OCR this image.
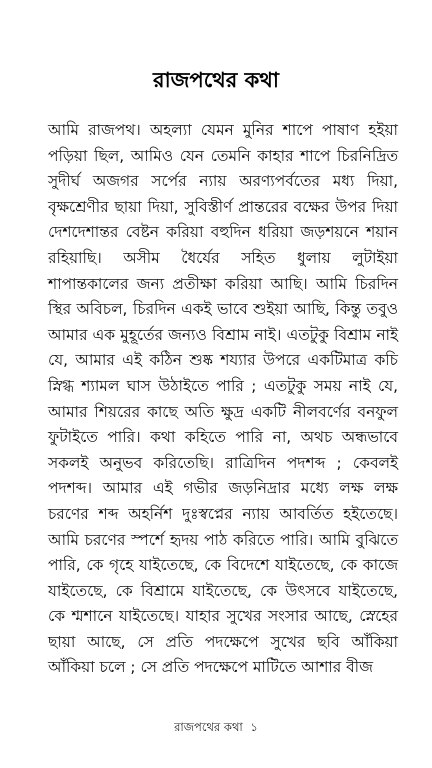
রাজপথের কথা

আমি রাজপথ। অহল্যা যেমন মুনির শাপে পাষাণ হইয়া পড়িয়া ছিল, আমিও যেন তেমনি কাহার শাপে চিরনিদ্রিত সুদীর্ঘ অজগর সর্পের ন্যায় অরণ্যপর্বতের মধ্য দিয়া, বৃক্ষশ্রেণীর ছায়া দিয়া, সুবিস্তীর্ণ প্রান্তরের বক্ষের উপর দিয়া দেশদেশান্তর বেষ্টন করিয়া বহুদিন ধরিয়া জড়শয়নে শয়ান রহিয়াছি। অসীম ধৈর্যের সহিত ধুলায় লুটাইয়া শাপান্তকালের জন্য প্রতীক্ষা করিয়া আছি। আমি চিরদিন স্থির অবিচল, চিরদিন একই ভাবে শুইয়া আছি, কিন্তু তবুও আমার এক মুহূর্তের জন্যও বিশ্রাম নাই। এতটুকু বিশ্রাম নাই যে, আমার এই কঠিন শুষ্ক শয্যার উপরে একটিমাত্র কচি স্নিগ্ধ শ্যামল ঘাস উঠাইতে পারি ; এতটুকু সময় নাই যে, আমার শিয়রের কাছে অতি ক্ষুদ্র একটি নীলবর্ণের বনফুল ফুটাইতে পারি। কথা কহিতে পারি না, অথচ অন্ধভাবে সকলই অনুভব করিতেছি। রাত্রিদিন পদশব্দ ; কেবলই পদশব্দ। আমার এই গভীর জড়নিদ্রার মধ্যে লক্ষ লক্ষ চরণের শব্দ অহর্নিশ দুঃস্বপ্নের ন্যায় আবর্তিত হইতেছে। আমি চরণের স্পর্শে হৃদয় পাঠ করিতে পারি। আমি বুঝিতে পারি, কে গৃহে যাইতেছে, কে বিদেশে যাইতেছে, কে কাজে যাইতেছে, কে বিশ্রামে যাইতেছে, কে উৎসবে যাইতেছে, কে শ্মশানে যাইতেছে। যাহার সুখের সংসার আছে, স্নেহের ছায়া আছে, সে প্রতি পদক্ষেপে সুখের ছবি আঁকিয়া আঁকিয়া চলে ; সে প্রতি পদক্ষেপে মাটিতে আশার বীজ

রাজপথের কথা ১
